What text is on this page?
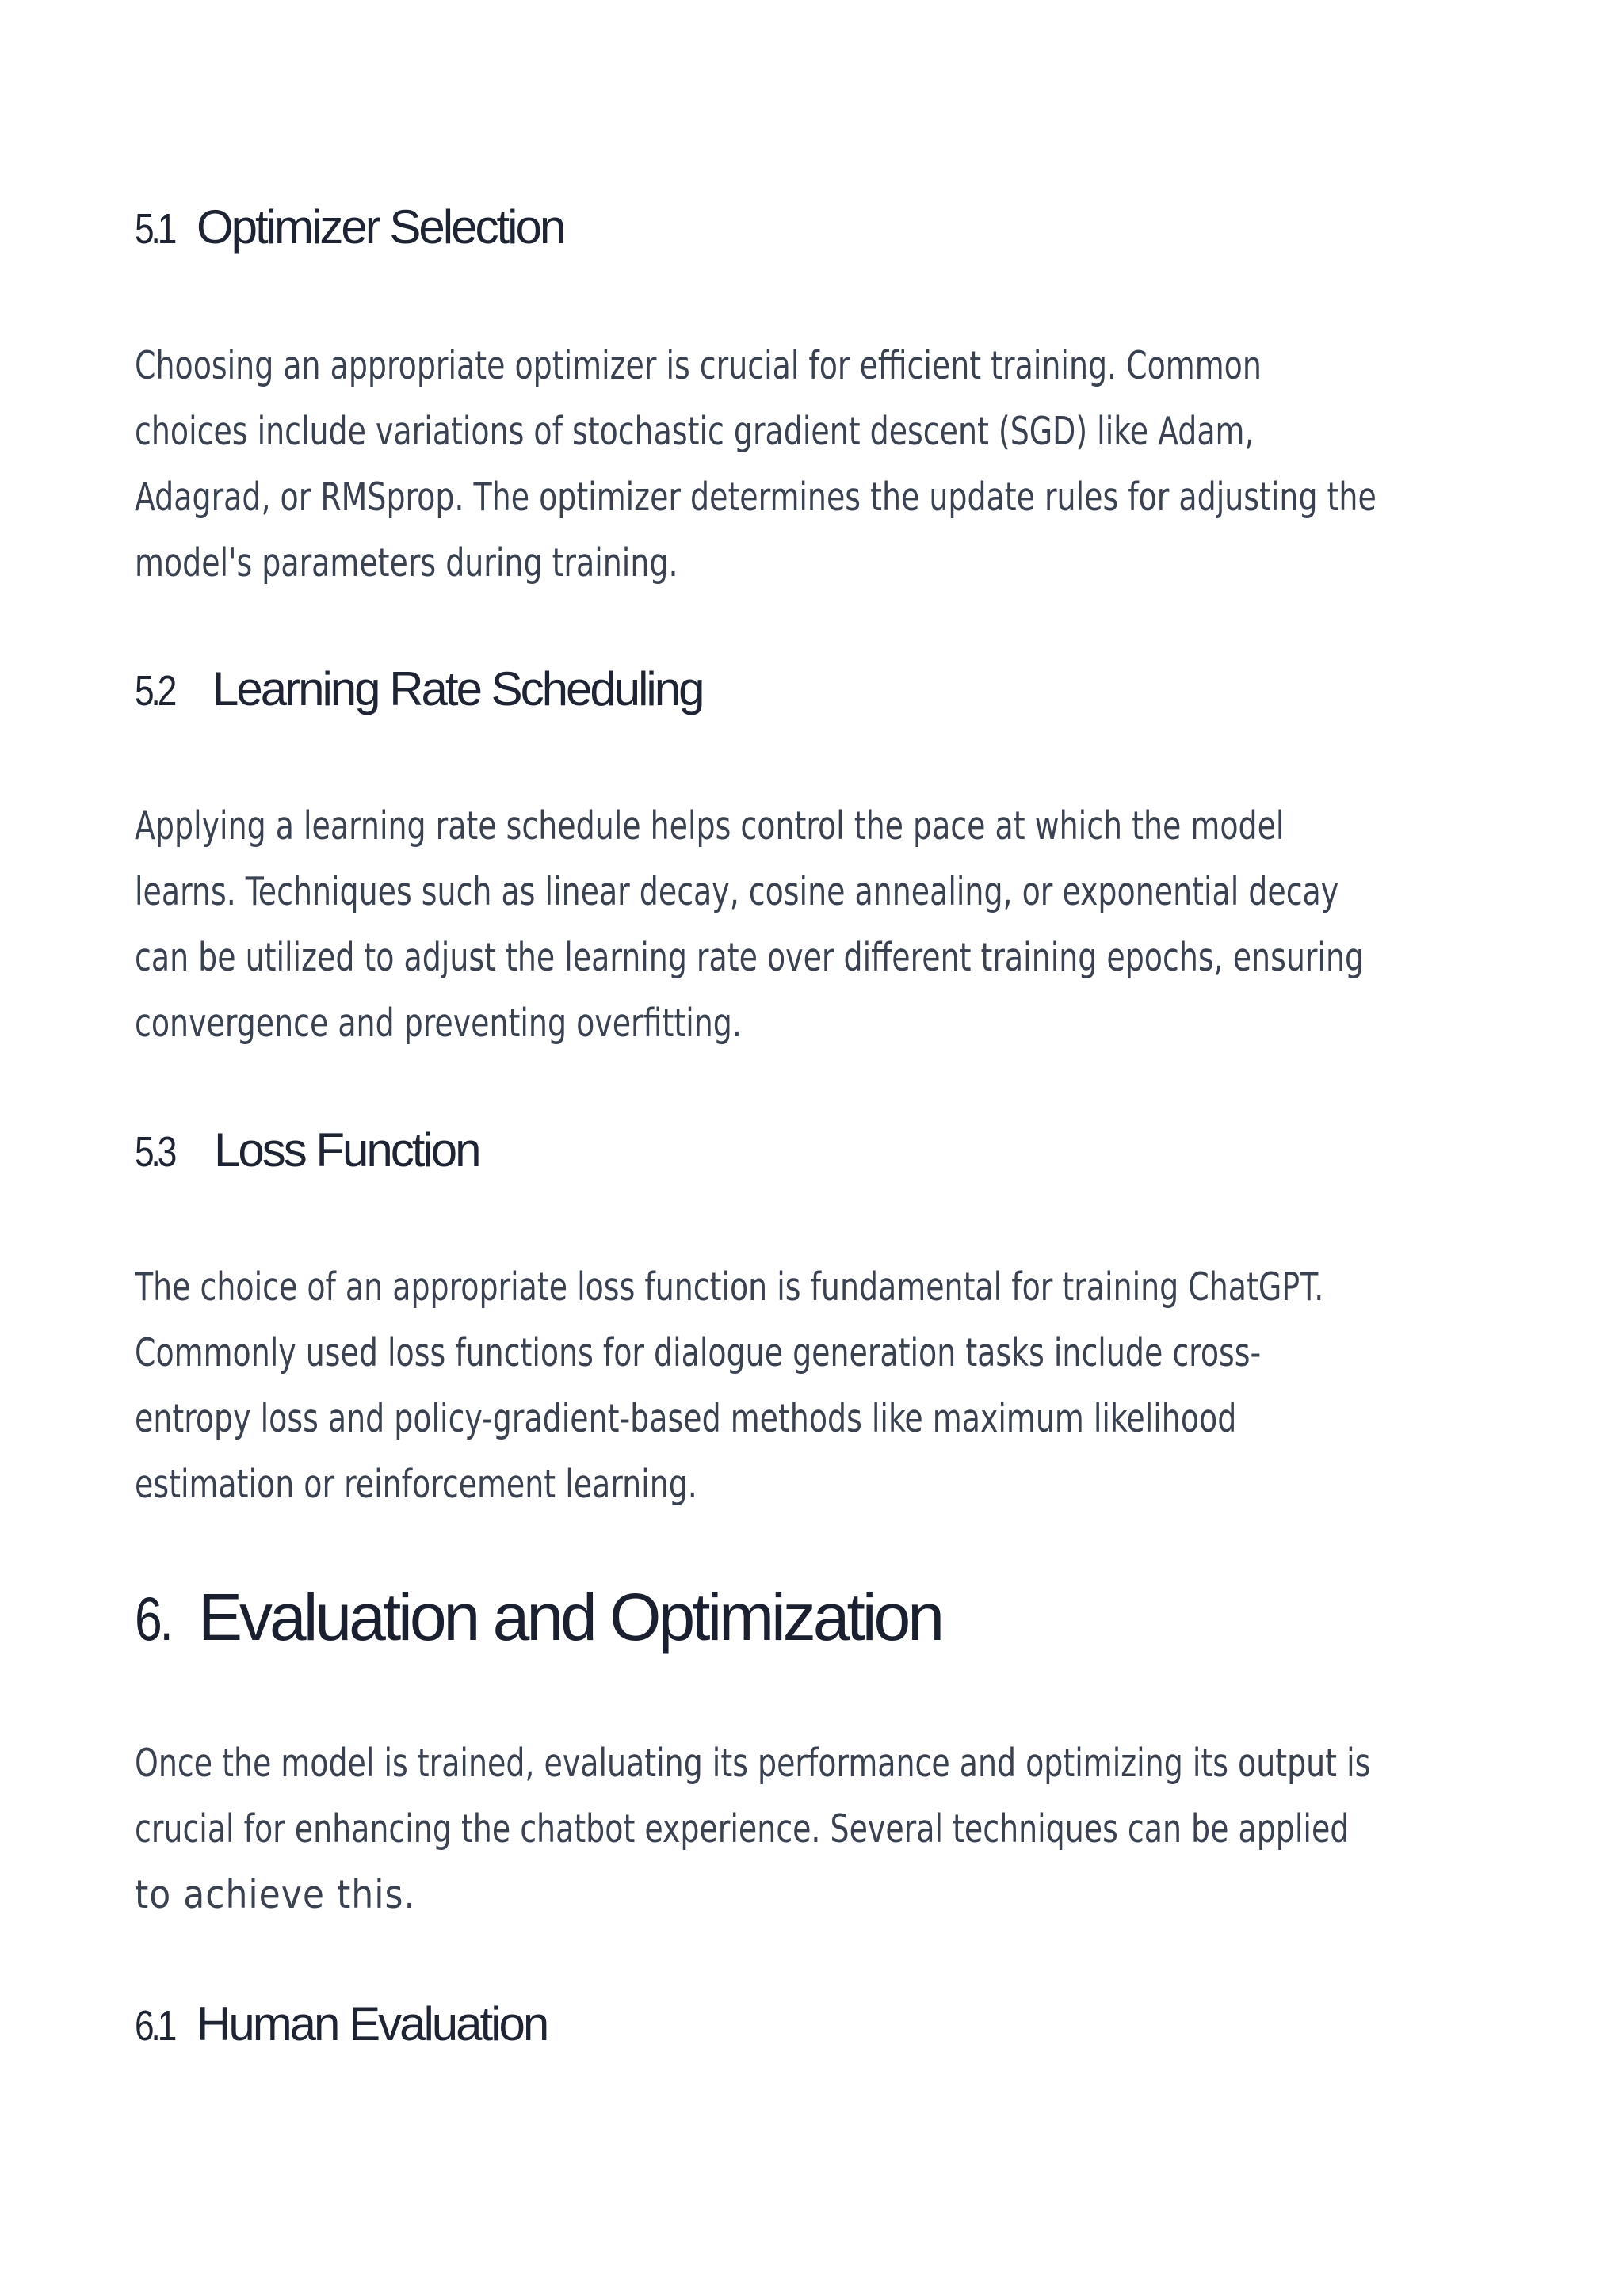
5.1 Optimizer Selection

Choosing an appropriate optimizer is crucial for efficient training. Common
choices include variations of stochastic gradient descent (SGD) like Adam,
Adagrad, or RMSprop. The optimizer determines the update rules for adjusting the
model's parameters during training.

5.2 Learning Rate Scheduling

Applying a learning rate schedule helps control the pace at which the model
learns. Techniques such as linear decay, cosine annealing, or exponential decay
can be utilized to adjust the learning rate over different training epochs, ensuring
convergence and preventing overfitting.

5.3 Loss Function

The choice of an appropriate loss function is fundamental for training ChatGPT.
Commonly used loss functions for dialogue generation tasks include cross-
entropy loss and policy-gradient-based methods like maximum likelihood
estimation or reinforcement learning.

6. Evaluation and Optimization

Once the model is trained, evaluating its performance and optimizing its output is
crucial for enhancing the chatbot experience. Several techniques can be applied
to achieve this.

6.1 Human Evaluation
